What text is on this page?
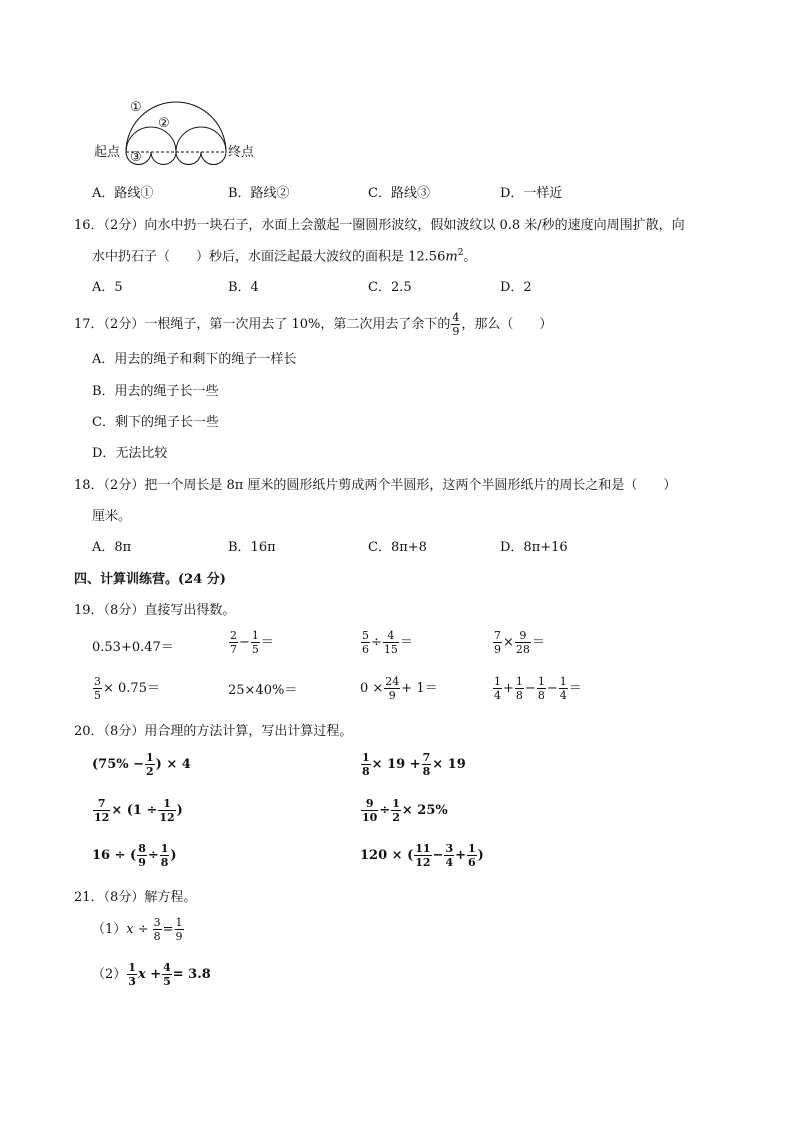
①
②
③
起点	终点
A．路线①	B．路线②	C．路线③	D．一样近
16．（2分）向水中扔一块石子，水面上会激起一圈圆形波纹，假如波纹以 0.8 米/秒的速度向周围扩散，向
水中扔石子（　　）秒后，水面泛起最大波纹的面积是 $12.56m^2$。
A．5	B．4	C．2.5	D．2
17．（2分）一根绳子，第一次用去了 10%，第二次用去了余下的 $\frac{4}{9}$ ，那么（　　）
A．用去的绳子和剩下的绳子一样长
B．用去的绳子长一些
C．剩下的绳子长一些
D．无法比较
18．（2分）把一个周长是 8π 厘米的圆形纸片剪成两个半圆形，这两个半圆形纸片的周长之和是（　　）
厘米。
A．8π	B．16π	C．8π+8	D．8π+16
四、计算训练营。(24 分)
19．（8分）直接写出得数。
0.53+0.47＝	$\frac{2}{7} - \frac{1}{5}$ ＝	$\frac{5}{6} \div \frac{4}{15}$ ＝	$\frac{7}{9} \times \frac{9}{28}$ ＝
$\frac{3}{5} \times 0.75=$	25×40%＝	$0 \times \frac{24}{9} + 1=$	$\frac{1}{4} + \frac{1}{8} - \frac{1}{8} - \frac{1}{4}$ ＝
20．（8分）用合理的方法计算，写出计算过程。
($75\% - \frac{1}{2}$ ) × 4	$\frac{1}{8} \times 19 + \frac{7}{8} \times 19$
$\frac{7}{12} \times (1 \div \frac{1}{12}$ )	$\frac{9}{10} \div \frac{1}{2} \times 25\%$
16 ÷ ( $\frac{8}{9} \div \frac{1}{8}$ )	120 × ( $\frac{11}{12} - \frac{3}{4} + \frac{1}{6}$ )
21．（8分）解方程。
（1） $x \div \frac{3}{8} = \frac{1}{9}$
$(2) \frac{1}{3}$ $x + \frac{4}{5} = 3.8$
